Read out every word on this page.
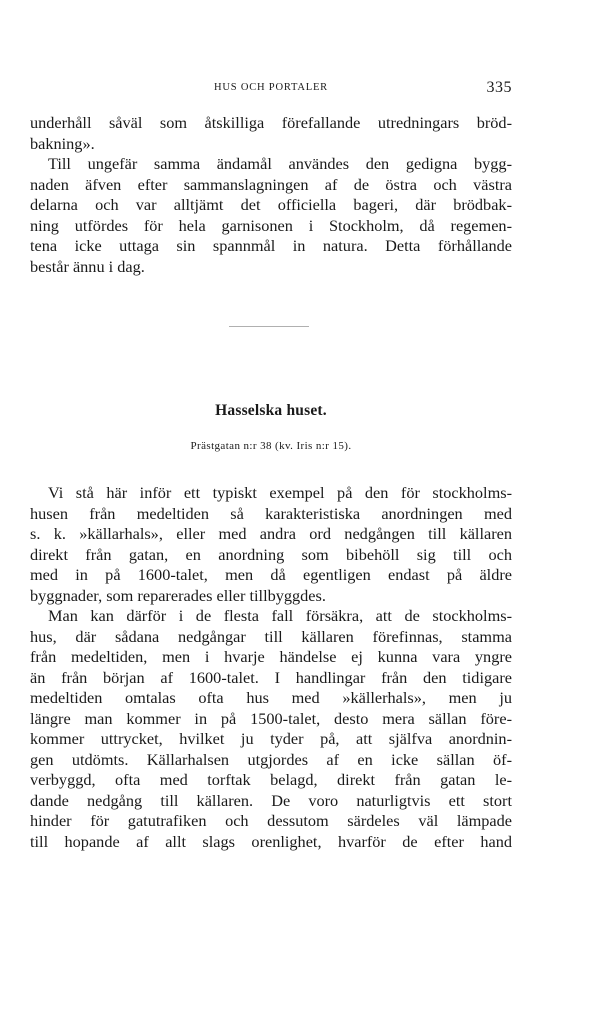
HUS OCH PORTALER	335
underhåll såväl som åtskilliga förefallande utredningars bröd-
bakning».
Till ungefär samma ändamål användes den gedigna bygg-
naden äfven efter sammanslagningen af de östra och västra
delarna och var alltjämt det officiella bageri, där brödbak-
ning utfördes för hela garnisonen i Stockholm, då regemen-
tena icke uttaga sin spannmål in natura. Detta förhållande
består ännu i dag.
Hasselska huset.
Prästgatan n:r 38 (kv. Iris n:r 15).
Vi stå här inför ett typiskt exempel på den för stockholms-
husen från medeltiden så karakteristiska anordningen med
s. k. »källarhals», eller med andra ord nedgången till källaren
direkt från gatan, en anordning som bibehöll sig till och
med in på 1600-talet, men då egentligen endast på äldre
byggnader, som reparerades eller tillbyggdes.
Man kan därför i de flesta fall försäkra, att de stockholms-
hus, där sådana nedgångar till källaren förefinnas, stamma
från medeltiden, men i hvarje händelse ej kunna vara yngre
än från början af 1600-talet. I handlingar från den tidigare
medeltiden omtalas ofta hus med »källerhals», men ju
längre man kommer in på 1500-talet, desto mera sällan före-
kommer uttrycket, hvilket ju tyder på, att själfva anordnin-
gen utdömts. Källarhalsen utgjordes af en icke sällan öf-
verbyggd, ofta med torftak belagd, direkt från gatan le-
dande nedgång till källaren. De voro naturligtvis ett stort
hinder för gatutrafiken och dessutom särdeles väl lämpade
till hopande af allt slags orenlighet, hvarför de efter hand
